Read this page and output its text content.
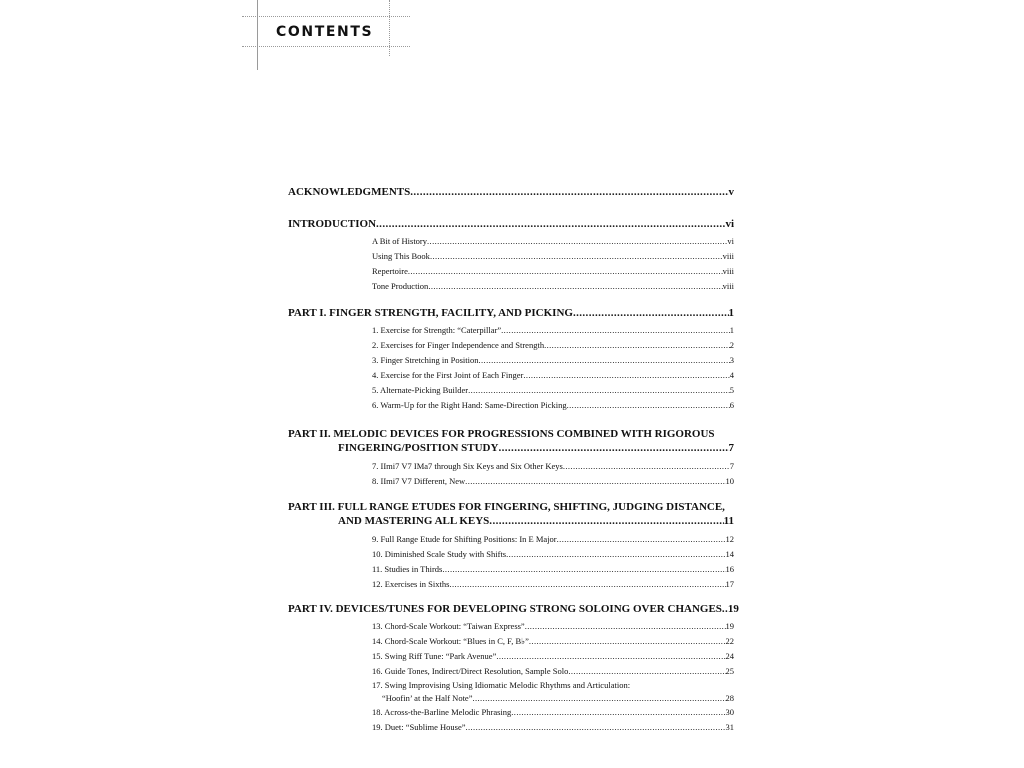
CONTENTS
ACKNOWLEDGMENTS .....	v
INTRODUCTION .....	vi
A Bit of History .....	vi
Using This Book .....	viii
Repertoire .....	viii
Tone Production .....	viii
PART I. FINGER STRENGTH, FACILITY, AND PICKING .....	1
1. Exercise for Strength: “Caterpillar” .....	1
2. Exercises for Finger Independence and Strength .....	2
3. Finger Stretching in Position .....	3
4. Exercise for the First Joint of Each Finger .....	4
5. Alternate-Picking Builder .....	5
6. Warm-Up for the Right Hand: Same-Direction Picking .....	6
PART II. MELODIC DEVICES FOR PROGRESSIONS COMBINED WITH RIGOROUS
FINGERING/POSITION STUDY .....	7
7. IImi7 V7 IMa7 through Six Keys and Six Other Keys .....	7
8. IImi7 V7 Different, New .....	10
PART III. FULL RANGE ETUDES FOR FINGERING, SHIFTING, JUDGING DISTANCE,
AND MASTERING ALL KEYS .....	11
9. Full Range Etude for Shifting Positions: In E Major .....	12
10. Diminished Scale Study with Shifts .....	14
11. Studies in Thirds .....	16
12. Exercises in Sixths .....	17
PART IV. DEVICES/TUNES FOR DEVELOPING STRONG SOLOING OVER CHANGES ..... 19
13. Chord-Scale Workout: “Taiwan Express” .....	19
14. Chord-Scale Workout: “Blues in C, F, B♭” .....	22
15. Swing Riff Tune: “Park Avenue” .....	24
16. Guide Tones, Indirect/Direct Resolution, Sample Solo .....	25
17. Swing Improvising Using Idiomatic Melodic Rhythms and Articulation:
“Hoofin’ at the Half Note” .....	28
18. Across-the-Barline Melodic Phrasing .....	30
19. Duet: “Sublime House” .....	31
